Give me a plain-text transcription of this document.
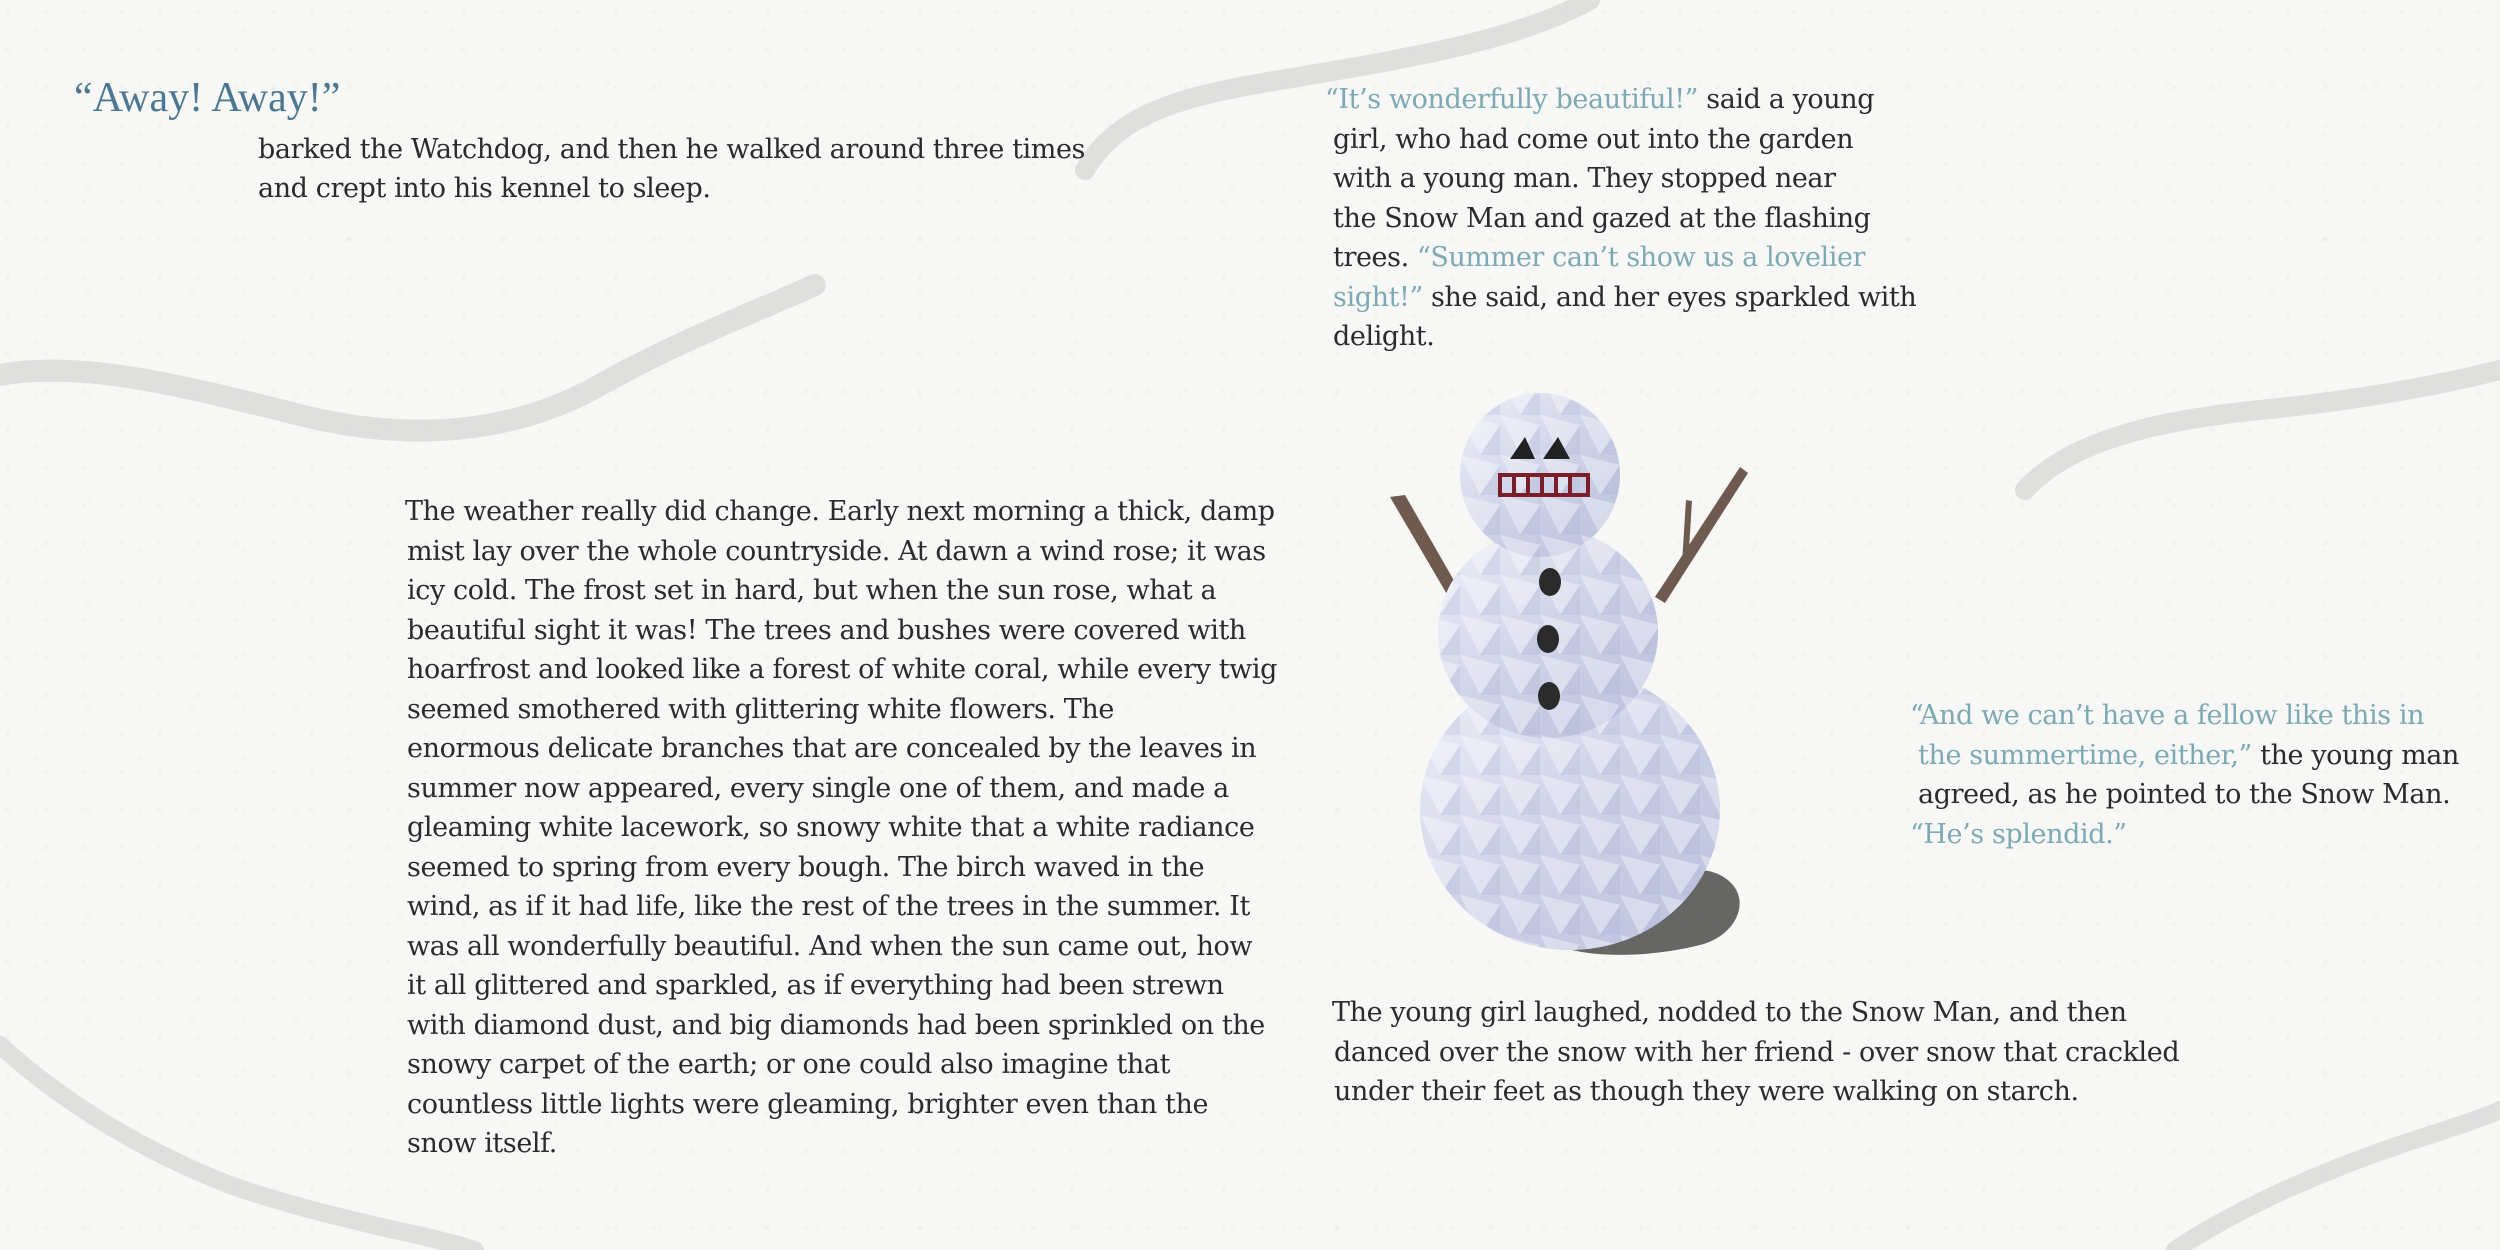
“Away! Away!”
barked the Watchdog, and then he walked around three times
and crept into his kennel to sleep.
The weather really did change. Early next morning a thick, damp
mist lay over the whole countryside. At dawn a wind rose; it was
icy cold. The frost set in hard, but when the sun rose, what a
beautiful sight it was! The trees and bushes were covered with
hoarfrost and looked like a forest of white coral, while every twig
seemed smothered with glittering white flowers. The
enormous delicate branches that are concealed by the leaves in
summer now appeared, every single one of them, and made a
gleaming white lacework, so snowy white that a white radiance
seemed to spring from every bough. The birch waved in the
wind, as if it had life, like the rest of the trees in the summer. It
was all wonderfully beautiful. And when the sun came out, how
it all glittered and sparkled, as if everything had been strewn
with diamond dust, and big diamonds had been sprinkled on the
snowy carpet of the earth; or one could also imagine that
countless little lights were gleaming, brighter even than the
snow itself.
“It’s wonderfully beautiful!” said a young
girl, who had come out into the garden
with a young man. They stopped near
the Snow Man and gazed at the flashing
trees. “Summer can’t show us a lovelier
sight!” she said, and her eyes sparkled with
delight.
“And we can’t have a fellow like this in
the summertime, either,” the young man
agreed, as he pointed to the Snow Man.
“He’s splendid.”
The young girl laughed, nodded to the Snow Man, and then
danced over the snow with her friend - over snow that crackled
under their feet as though they were walking on starch.
